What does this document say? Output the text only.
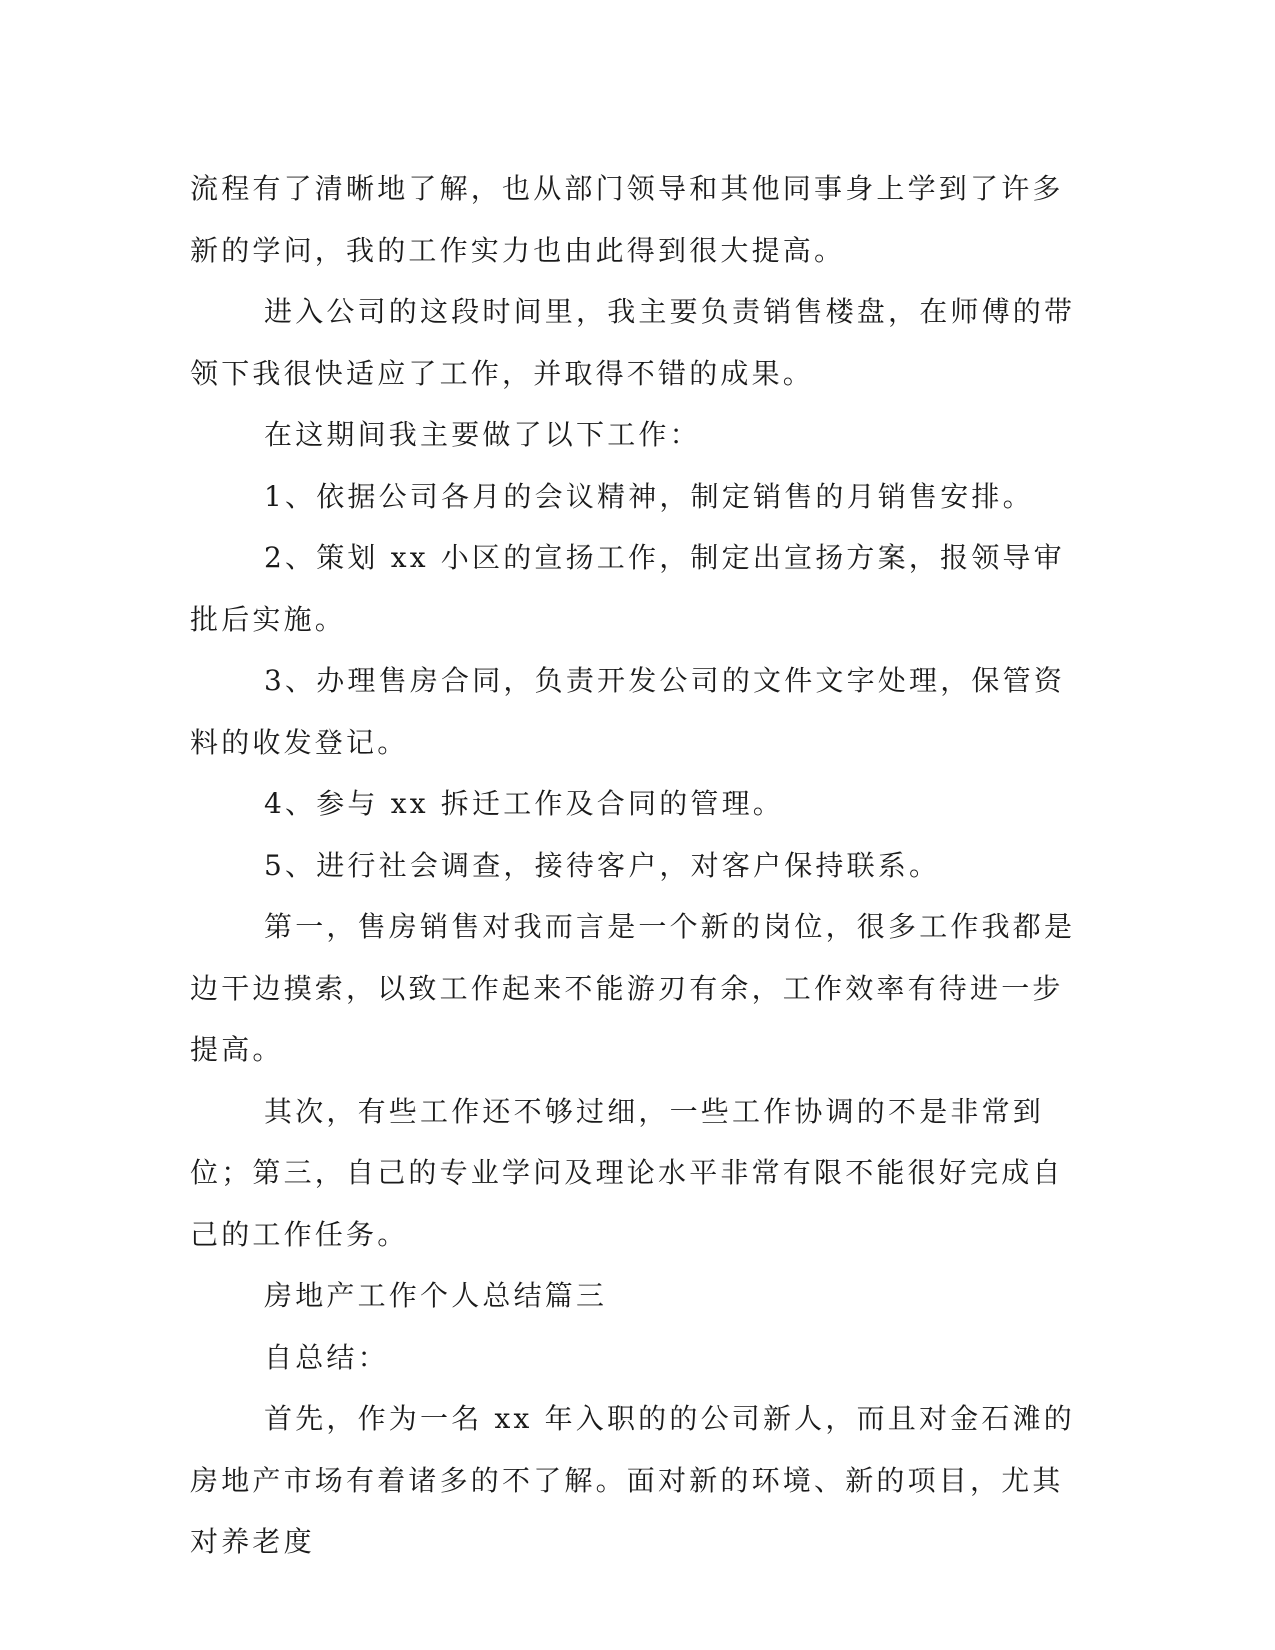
流程有了清晰地了解，也从部门领导和其他同事身上学到了许多新的学问，我的工作实力也由此得到很大提高。

进入公司的这段时间里，我主要负责销售楼盘，在师傅的带领下我很快适应了工作，并取得不错的成果。

在这期间我主要做了以下工作：

1、依据公司各月的会议精神，制定销售的月销售安排。

2、策划 xx 小区的宣扬工作，制定出宣扬方案，报领导审批后实施。

3、办理售房合同，负责开发公司的文件文字处理，保管资料的收发登记。

4、参与 xx 拆迁工作及合同的管理。

5、进行社会调查，接待客户，对客户保持联系。

第一，售房销售对我而言是一个新的岗位，很多工作我都是边干边摸索，以致工作起来不能游刃有余，工作效率有待进一步提高。

其次，有些工作还不够过细，一些工作协调的不是非常到位；第三，自己的专业学问及理论水平非常有限不能很好完成自己的工作任务。

房地产工作个人总结篇三

自总结：

首先，作为一名 xx 年入职的的公司新人，而且对金石滩的房地产市场有着诸多的不了解。面对新的环境、新的项目，尤其对养老度
